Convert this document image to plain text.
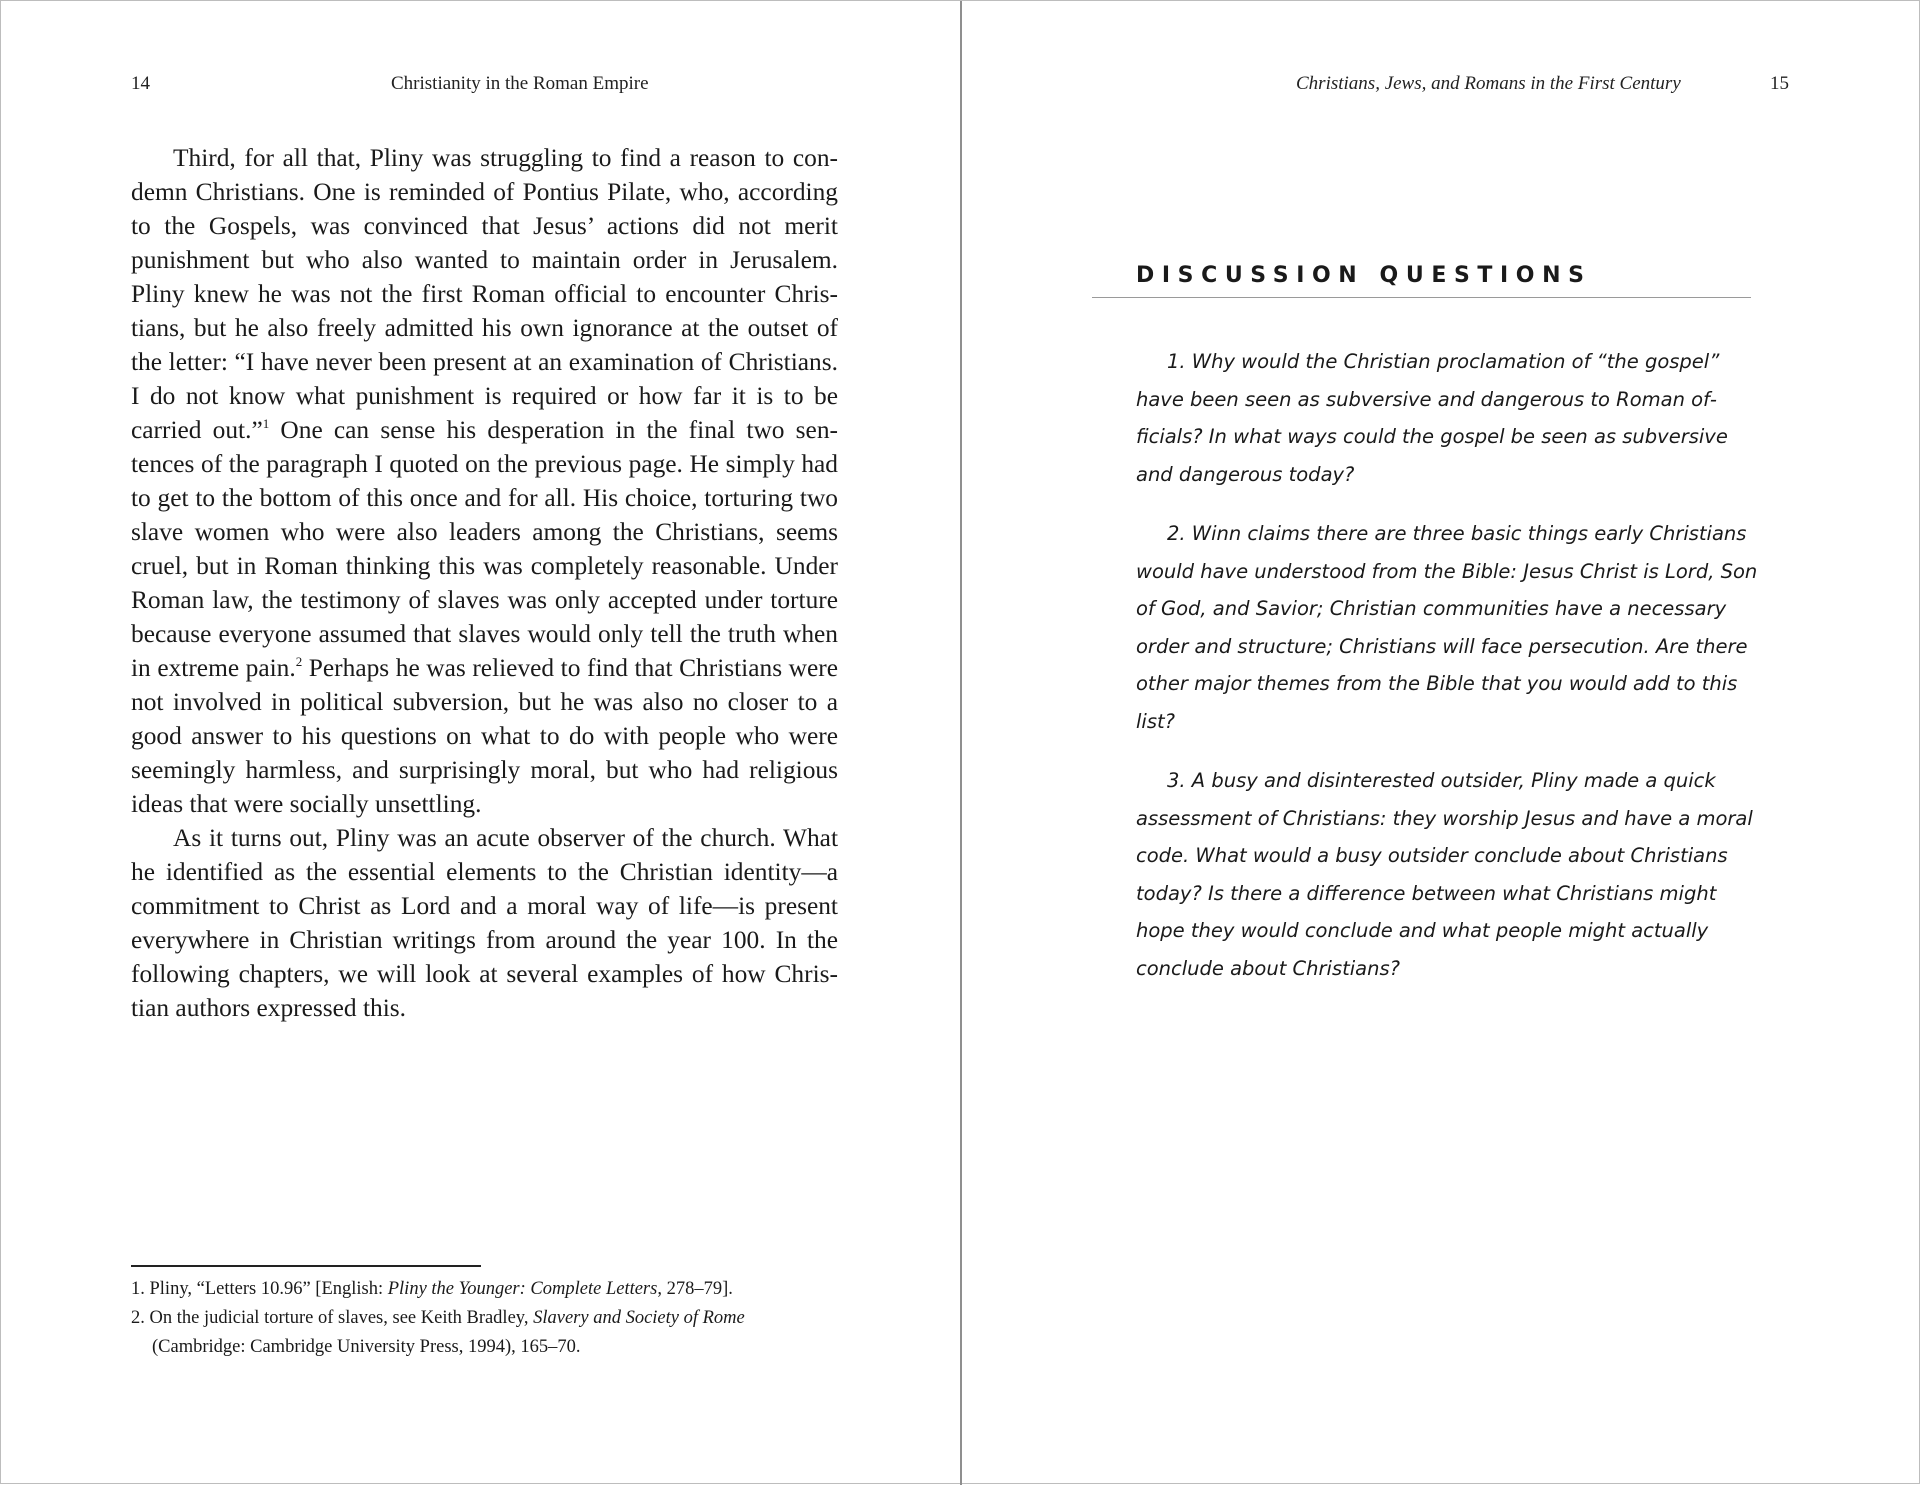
14	Christianity in the Roman Empire

Third, for all that, Pliny was struggling to find a reason to condemn Christians. One is reminded of Pontius Pilate, who, according to the Gospels, was convinced that Jesus’ actions did not merit punishment but who also wanted to maintain order in Jerusalem. Pliny knew he was not the first Roman official to encounter Christians, but he also freely admitted his own ignorance at the outset of the letter: “I have never been present at an examination of Christians. I do not know what punishment is required or how far it is to be carried out.”$^1$ One can sense his desperation in the final two sentences of the paragraph I quoted on the previous page. He simply had to get to the bottom of this once and for all. His choice, torturing two slave women who were also leaders among the Christians, seems cruel, but in Roman thinking this was completely reasonable. Under Roman law, the testimony of slaves was only accepted under torture because everyone assumed that slaves would only tell the truth when in extreme pain.$^2$ Perhaps he was relieved to find that Christians were not involved in political subversion, but he was also no closer to a good answer to his questions on what to do with people who were seemingly harmless, and surprisingly moral, but who had religious ideas that were socially unsettling.

As it turns out, Pliny was an acute observer of the church. What he identified as the essential elements to the Christian identity—a commitment to Christ as Lord and a moral way of life—is present everywhere in Christian writings from around the year 100. In the following chapters, we will look at several examples of how Christian authors expressed this.

1. Pliny, “Letters 10.96” [English: Pliny the Younger: Complete Letters, 278–79].

2. On the judicial torture of slaves, see Keith Bradley, Slavery and Society of Rome (Cambridge: Cambridge University Press, 1994), 165–70.

Christians, Jews, and Romans in the First Century	15
DISCUSSION QUESTIONS

1. Why would the Christian proclamation of “the gospel” have been seen as subversive and dangerous to Roman officials? In what ways could the gospel be seen as subversive and dangerous today?

2. Winn claims there are three basic things early Christians would have understood from the Bible: Jesus Christ is Lord, Son of God, and Savior; Christian communities have a necessary order and structure; Christians will face persecution. Are there other major themes from the Bible that you would add to this list?

3. A busy and disinterested outsider, Pliny made a quick assessment of Christians: they worship Jesus and have a moral code. What would a busy outsider conclude about Christians today? Is there a difference between what Christians might hope they would conclude and what people might actually conclude about Christians?
